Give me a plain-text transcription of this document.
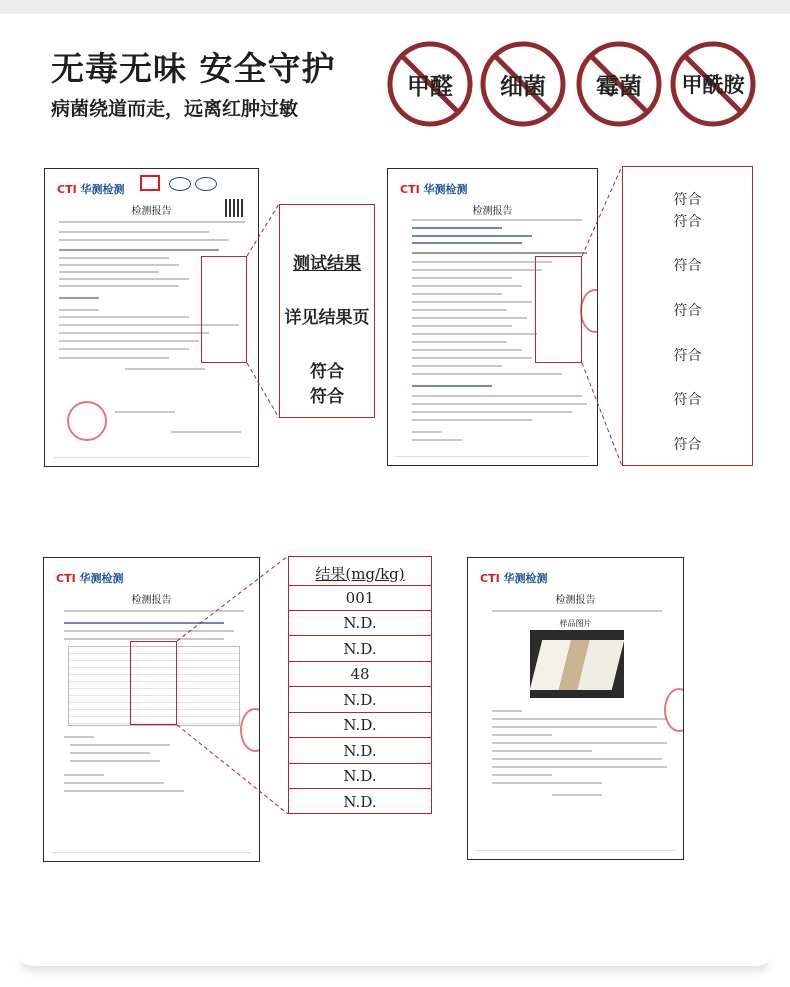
无毒无味 安全守护
病菌绕道而走，远离红肿过敏
甲醛	细菌	霉菌	甲酰胺
CTI 华测检测
检测报告
测试结果
详见结果页
符合
符合
CTI 华测检测
检测报告
符合
符合
符合
符合
符合
符合
符合
CTI 华测检测
检测报告
结果(mg/kg)
001
N.D.
N.D.
48
N.D.
N.D.
N.D.
N.D.
N.D.
CTI 华测检测
检测报告
样品图片
